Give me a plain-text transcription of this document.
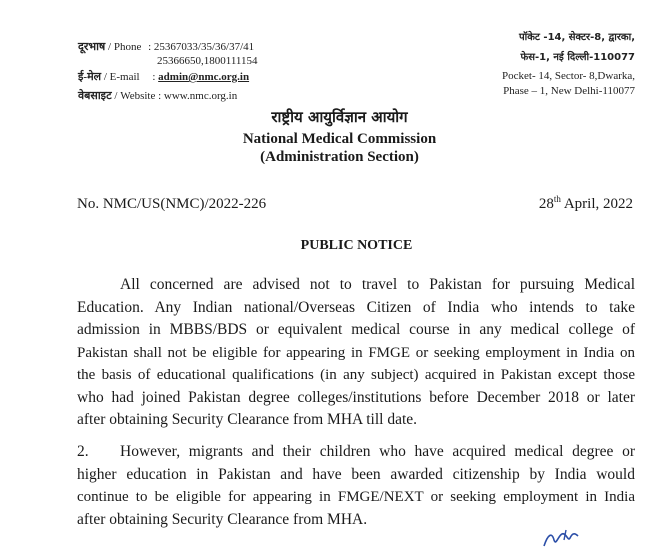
दूरभाष / Phone : 25367033/35/36/37/41
25366650,1800111154
ई-मेल / E-mail : admin@nmc.org.in
वेबसाइट / Website : www.nmc.org.in
पॉकेट -14, सेक्टर-8, द्वारका,
फेस-1, नई दिल्ली-110077
Pocket- 14, Sector- 8,Dwarka,
Phase – 1, New Delhi-110077
राष्ट्रीय आयुर्विज्ञान आयोग
National Medical Commission
(Administration Section)
No. NMC/US(NMC)/2022-226	28th April, 2022
PUBLIC NOTICE
All concerned are advised not to travel to Pakistan for pursuing Medical
Education. Any Indian national/Overseas Citizen of India who intends to take
admission in MBBS/BDS or equivalent medical course in any medical college of
Pakistan shall not be eligible for appearing in FMGE or seeking employment in India on
the basis of educational qualifications (in any subject) acquired in Pakistan except those
who had joined Pakistan degree colleges/institutions before December 2018 or later
after obtaining Security Clearance from MHA till date.
2. However, migrants and their children who have acquired medical degree or
higher education in Pakistan and have been awarded citizenship by India would
continue to be eligible for appearing in FMGE/NEXT or seeking employment in India
after obtaining Security Clearance from MHA.
